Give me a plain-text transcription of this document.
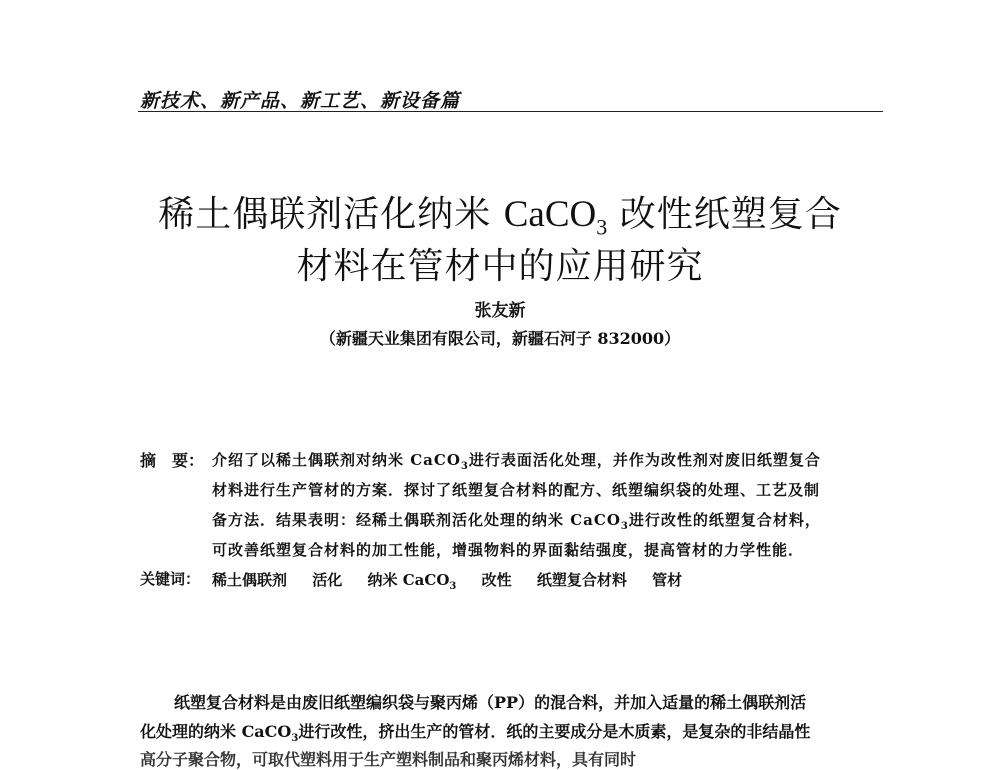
新技术、新产品、新工艺、新设备篇
稀土偶联剂活化纳米 CaCO$_3$ 改性纸塑复合
材料在管材中的应用研究
张友新
（新疆天业集团有限公司，新疆石河子 832000）
摘　要： 介绍了以稀土偶联剂对纳米 CaCO$_3$进行表面活化处理，并作为改性剂对废旧纸塑复合
材料进行生产管材的方案．探讨了纸塑复合材料的配方、纸塑编织袋的处理、工艺及制
备方法．结果表明：经稀土偶联剂活化处理的纳米 CaCO$_3$进行改性的纸塑复合材料，
可改善纸塑复合材料的加工性能，增强物料的界面黏结强度，提高管材的力学性能．
关键词： 稀土偶联剂 活化 纳米 CaCO$_3$ 改性 纸塑复合材料 管材
纸塑复合材料是由废旧纸塑编织袋与聚丙烯（PP）的混合料，并加入适量的稀土偶联剂活
化处理的纳米 CaCO$_3$进行改性，挤出生产的管材．纸的主要成分是木质素，是复杂的非结晶性
高分子聚合物，可取代塑料用于生产塑料制品和聚丙烯材料，具有同时
